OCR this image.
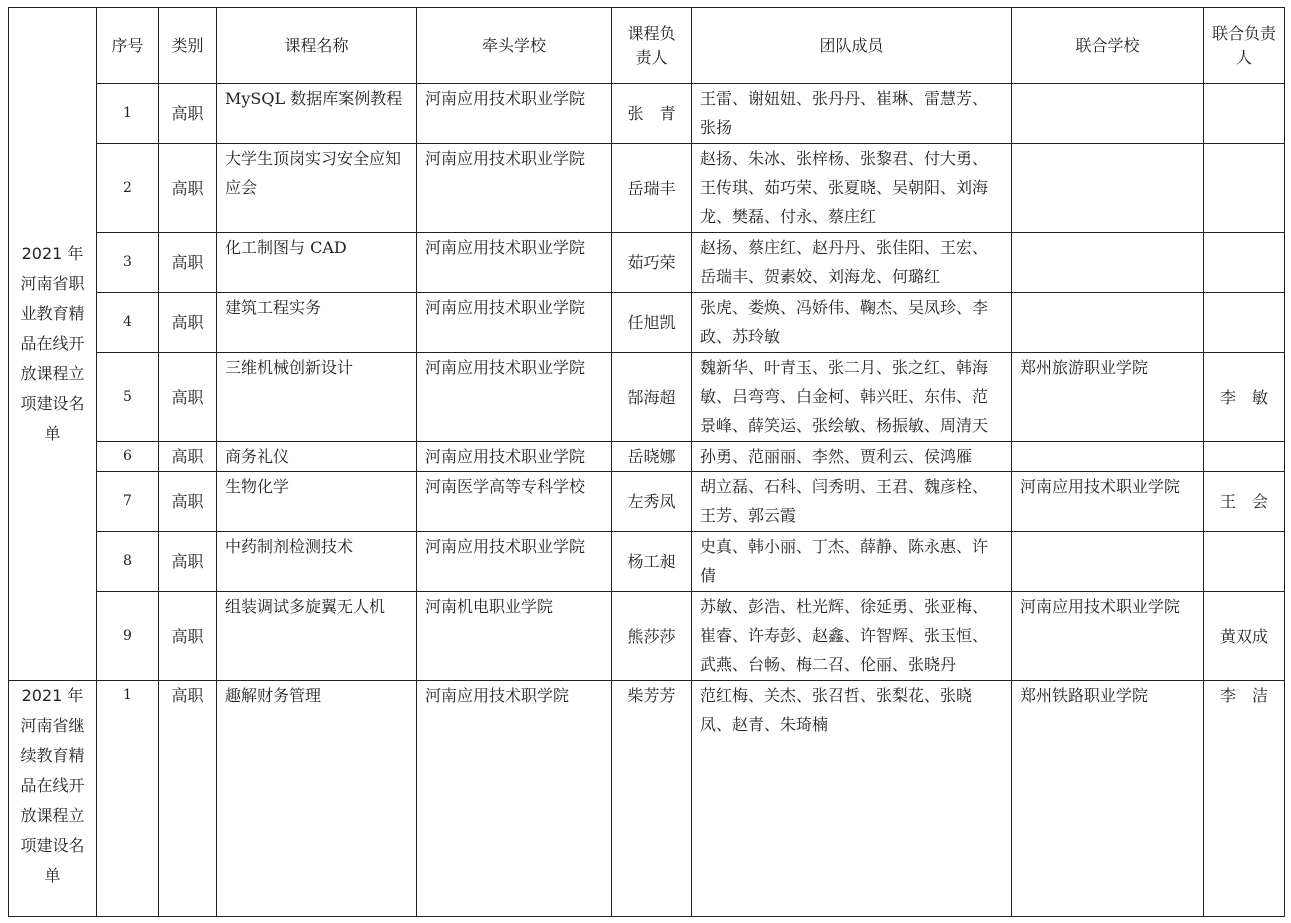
2021 年河南省职业教育精品在线开放课程立项建设名单	序号	类别	课程名称	牵头学校	课程负责人	团队成员	联合学校	联合负责人
	1	高职	MySQL 数据库案例教程	河南应用技术职业学院	张　青	王雷、谢妞妞、张丹丹、崔琳、雷慧芳、张扬		
	2	高职	大学生顶岗实习安全应知应会	河南应用技术职业学院	岳瑞丰	赵扬、朱冰、张梓杨、张黎君、付大勇、王传琪、茹巧荣、张夏晓、吴朝阳、刘海龙、樊磊、付永、蔡庄红		
	3	高职	化工制图与 CAD	河南应用技术职业学院	茹巧荣	赵扬、蔡庄红、赵丹丹、张佳阳、王宏、岳瑞丰、贺素姣、刘海龙、何璐红		
	4	高职	建筑工程实务	河南应用技术职业学院	任旭凯	张虎、娄焕、冯娇伟、鞠杰、吴凤珍、李政、苏玲敏		
	5	高职	三维机械创新设计	河南应用技术职业学院	郜海超	魏新华、叶青玉、张二月、张之红、韩海敏、吕弯弯、白金柯、韩兴旺、东伟、范景峰、薛笑运、张绘敏、杨振敏、周清天	郑州旅游职业学院	李　敏
	6	高职	商务礼仪	河南应用技术职业学院	岳晓娜	孙勇、范丽丽、李然、贾利云、侯鸿雁		
	7	高职	生物化学	河南医学高等专科学校	左秀凤	胡立磊、石科、闫秀明、王君、魏彦栓、王芳、郭云霞	河南应用技术职业学院	王　会
	8	高职	中药制剂检测技术	河南应用技术职业学院	杨工昶	史真、韩小丽、丁杰、薛静、陈永惠、许倩		
	9	高职	组装调试多旋翼无人机	河南机电职业学院	熊莎莎	苏敏、彭浩、杜光辉、徐延勇、张亚梅、崔睿、许寿彭、赵鑫、许智辉、张玉恒、武燕、台畅、梅二召、伦丽、张晓丹	河南应用技术职业学院	黄双成
2021 年河南省继续教育精品在线开放课程立项建设名单	1	高职	趣解财务管理	河南应用技术职学院	柴芳芳	范红梅、关杰、张召哲、张梨花、张晓凤、赵青、朱琦楠	郑州铁路职业学院	李　洁
